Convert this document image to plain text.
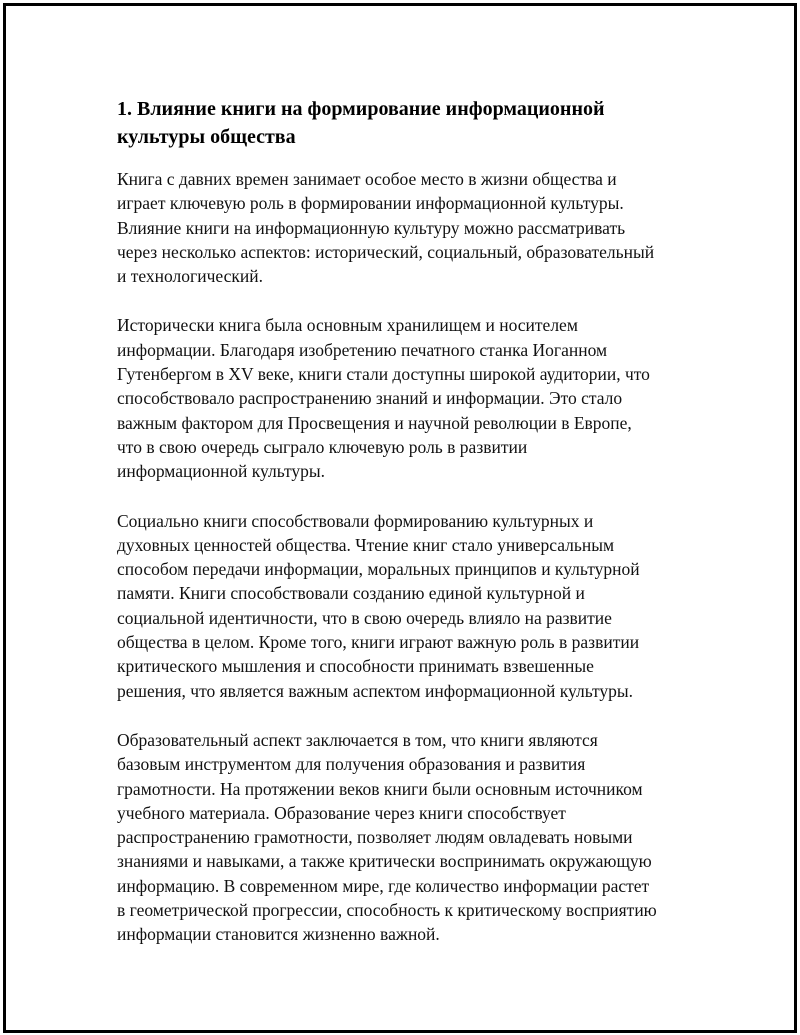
1. Влияние книги на формирование информационной
культуры общества

Книга с давних времен занимает особое место в жизни общества и
играет ключевую роль в формировании информационной культуры.
Влияние книги на информационную культуру можно рассматривать
через несколько аспектов: исторический, социальный, образовательный
и технологический.

Исторически книга была основным хранилищем и носителем
информации. Благодаря изобретению печатного станка Иоганном
Гутенбергом в XV веке, книги стали доступны широкой аудитории, что
способствовало распространению знаний и информации. Это стало
важным фактором для Просвещения и научной революции в Европе,
что в свою очередь сыграло ключевую роль в развитии
информационной культуры.

Социально книги способствовали формированию культурных и
духовных ценностей общества. Чтение книг стало универсальным
способом передачи информации, моральных принципов и культурной
памяти. Книги способствовали созданию единой культурной и
социальной идентичности, что в свою очередь влияло на развитие
общества в целом. Кроме того, книги играют важную роль в развитии
критического мышления и способности принимать взвешенные
решения, что является важным аспектом информационной культуры.

Образовательный аспект заключается в том, что книги являются
базовым инструментом для получения образования и развития
грамотности. На протяжении веков книги были основным источником
учебного материала. Образование через книги способствует
распространению грамотности, позволяет людям овладевать новыми
знаниями и навыками, а также критически воспринимать окружающую
информацию. В современном мире, где количество информации растет
в геометрической прогрессии, способность к критическому восприятию
информации становится жизненно важной.
